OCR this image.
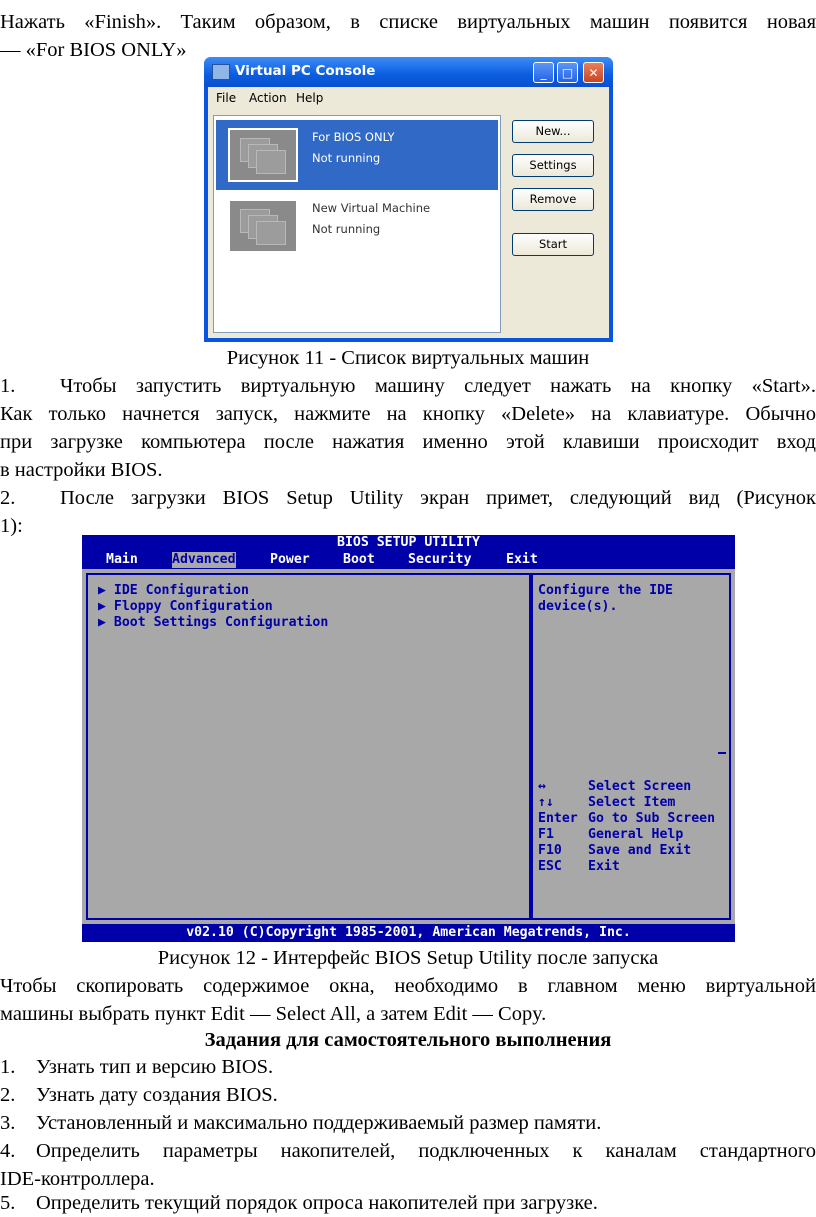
Нажать «Finish». Таким образом, в списке виртуальных машин появится новая
— «For BIOS ONLY»
Virtual PC Console	_	□	✕
File Action Help
For BIOS ONLY
Not running
New Virtual Machine
Not running
New...
Settings
Remove
Start
Рисунок 11 - Список виртуальных машин
1. Чтобы запустить виртуальную машину следует нажать на кнопку «Start».
Как только начнется запуск, нажмите на кнопку «Delete» на клавиатуре. Обычно
при загрузке компьютера после нажатия именно этой клавиши происходит вход
в настройки BIOS.
2. После загрузки BIOS Setup Utility экран примет, следующий вид (Рисунок
1):
BIOS SETUP UTILITY
Main	Advanced	Power	Boot	Security	Exit
▶ IDE Configuration
▶ Floppy Configuration
▶ Boot Settings Configuration
Configure the IDE
device(s).
↔	Select Screen
↑↓	Select Item
Enter Go to Sub Screen
F1	General Help
F10 Save and Exit
ESC Exit
v02.10 (C)Copyright 1985-2001, American Megatrends, Inc.
Рисунок 12 - Интерфейс BIOS Setup Utility после запуска
Чтобы скопировать содержимое окна, необходимо в главном меню виртуальной
машины выбрать пункт Edit — Select All, а затем Edit — Copy.
Задания для самостоятельного выполнения
1. Узнать тип и версию BIOS.
2. Узнать дату создания BIOS.
3. Установленный и максимально поддерживаемый размер памяти.
4. Определить параметры накопителей, подключенных к каналам стандартного
IDE-контроллера.
5. Определить текущий порядок опроса накопителей при загрузке.
